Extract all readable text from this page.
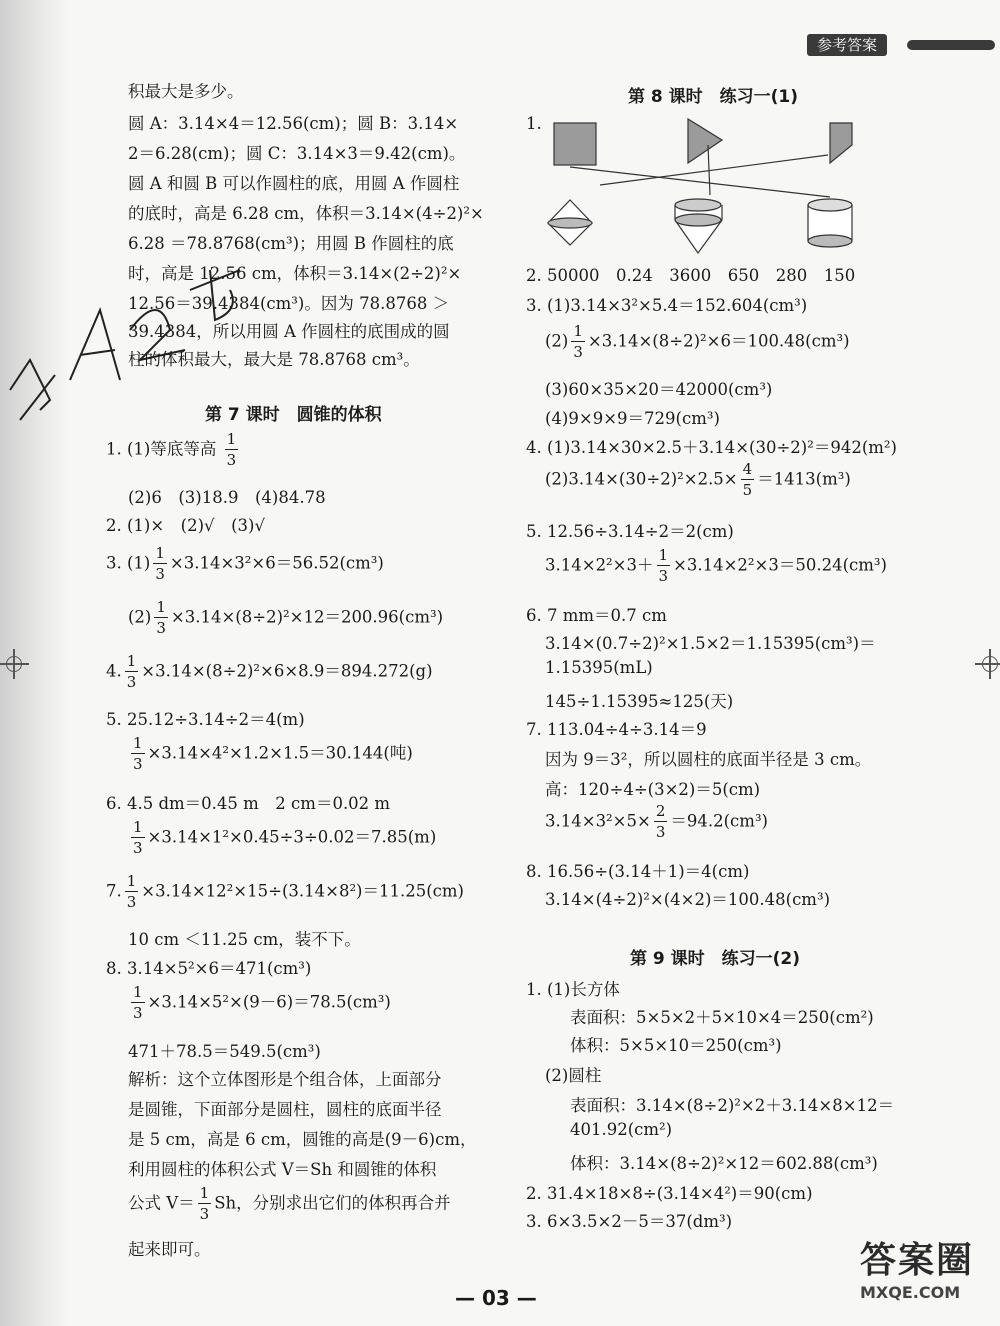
参考答案
积最大是多少。
圆 A：3.14×4＝12.56(cm)；圆 B：3.14×
2＝6.28(cm)；圆 C：3.14×3＝9.42(cm)。
圆 A 和圆 B 可以作圆柱的底，用圆 A 作圆柱
的底时，高是 6.28 cm，体积＝3.14×(4÷2)²×
6.28 ＝78.8768(cm³)；用圆 B 作圆柱的底
时，高是 12.56 cm，体积＝3.14×(2÷2)²×
12.56＝39.4384(cm³)。因为 78.8768 ＞
39.4384，所以用圆 A 作圆柱的底围成的圆
柱的体积最大，最大是 78.8768 cm³。
第 7 课时　圆锥的体积
1. (1)等底等高 $\frac{1}{3}$
(2)6　(3)18.9　(4)84.78
2. (1)×　(2)√　(3)√
3. $(1) \frac{1}{3} \times 3.14\times 3^2\times 6=56.52(cm^3)$
$(2) \frac{1}{3} \times 3.14\times(8\div 2)^2\times 12=200.96(cm^3)$
4. $\frac{1}{3} \times 3.14\times(8\div 2)^2\times 6\times 8.9=894.272(g)$
5. 25.12÷3.14÷2＝4(m)
$\frac{1}{3} \times 3.14\times 4^2\times 1.2\times 1.5=30.144$(吨)
6. 4.5 dm＝0.45 m　2 cm＝0.02 m
$\frac{1}{3} \times 3.14\times 1^2\times 0.45\div 3\div 0.02=7.85(m)$
7. $\frac{1}{3} \times 3.14\times 12^2\times 15\div(3.14\times 8^2)=11.25(cm)$
10 cm ＜11.25 cm，装不下。
8. 3.14×5²×6＝471(cm³)
$\frac{1}{3} \times 3.14\times 5^2\times(9-6)=78.5(cm^3)$
471＋78.5＝549.5(cm³)
解析：这个立体图形是个组合体，上面部分
是圆锥，下面部分是圆柱，圆柱的底面半径
是 5 cm，高是 6 cm，圆锥的高是(9－6)cm，
利用圆柱的体积公式 V＝Sh 和圆锥的体积
公式 $V= \frac{1}{3}$ Sh，分别求出它们的体积再合并
起来即可。
第 8 课时　练习一(1)
1.
2. 50000　0.24　3600　650　280　150
3. (1)3.14×3²×5.4＝152.604(cm³)
$(2) \frac{1}{3} \times 3.14\times(8\div 2)^2\times 6=100.48(cm^3)$
(3)60×35×20＝42000(cm³)
(4)9×9×9＝729(cm³)
4. (1)3.14×30×2.5＋3.14×(30÷2)²＝942(m²)
$(2)3.14\times(30\div 2)^2\times 2.5\times \frac{4}{5} =1413(m^3)$
5. 12.56÷3.14÷2＝2(cm)
$3.14\times 2^2\times 3+ \frac{1}{3} \times 3.14\times 2^2\times 3=50.24(cm^3)$
6. 7 mm＝0.7 cm
3.14×(0.7÷2)²×1.5×2＝1.15395(cm³)＝
1.15395(mL)
145÷1.15395≈125(天)
7. 113.04÷4÷3.14＝9
因为 9＝3²，所以圆柱的底面半径是 3 cm。
高：120÷4÷(3×2)＝5(cm)
$3.14\times 3^2\times 5\times \frac{2}{3} =94.2(cm^3)$
8. 16.56÷(3.14＋1)＝4(cm)
3.14×(4÷2)²×(4×2)＝100.48(cm³)
第 9 课时　练习一(2)
1. (1)长方体
表面积：5×5×2＋5×10×4＝250(cm²)
体积：5×5×10＝250(cm³)
(2)圆柱
表面积：3.14×(8÷2)²×2＋3.14×8×12＝
401.92(cm²)
体积：3.14×(8÷2)²×12＝602.88(cm³)
2. 31.4×18×8÷(3.14×4²)＝90(cm)
3. 6×3.5×2－5＝37(dm³)
— 03 —
答案圈
MXQE.COM
